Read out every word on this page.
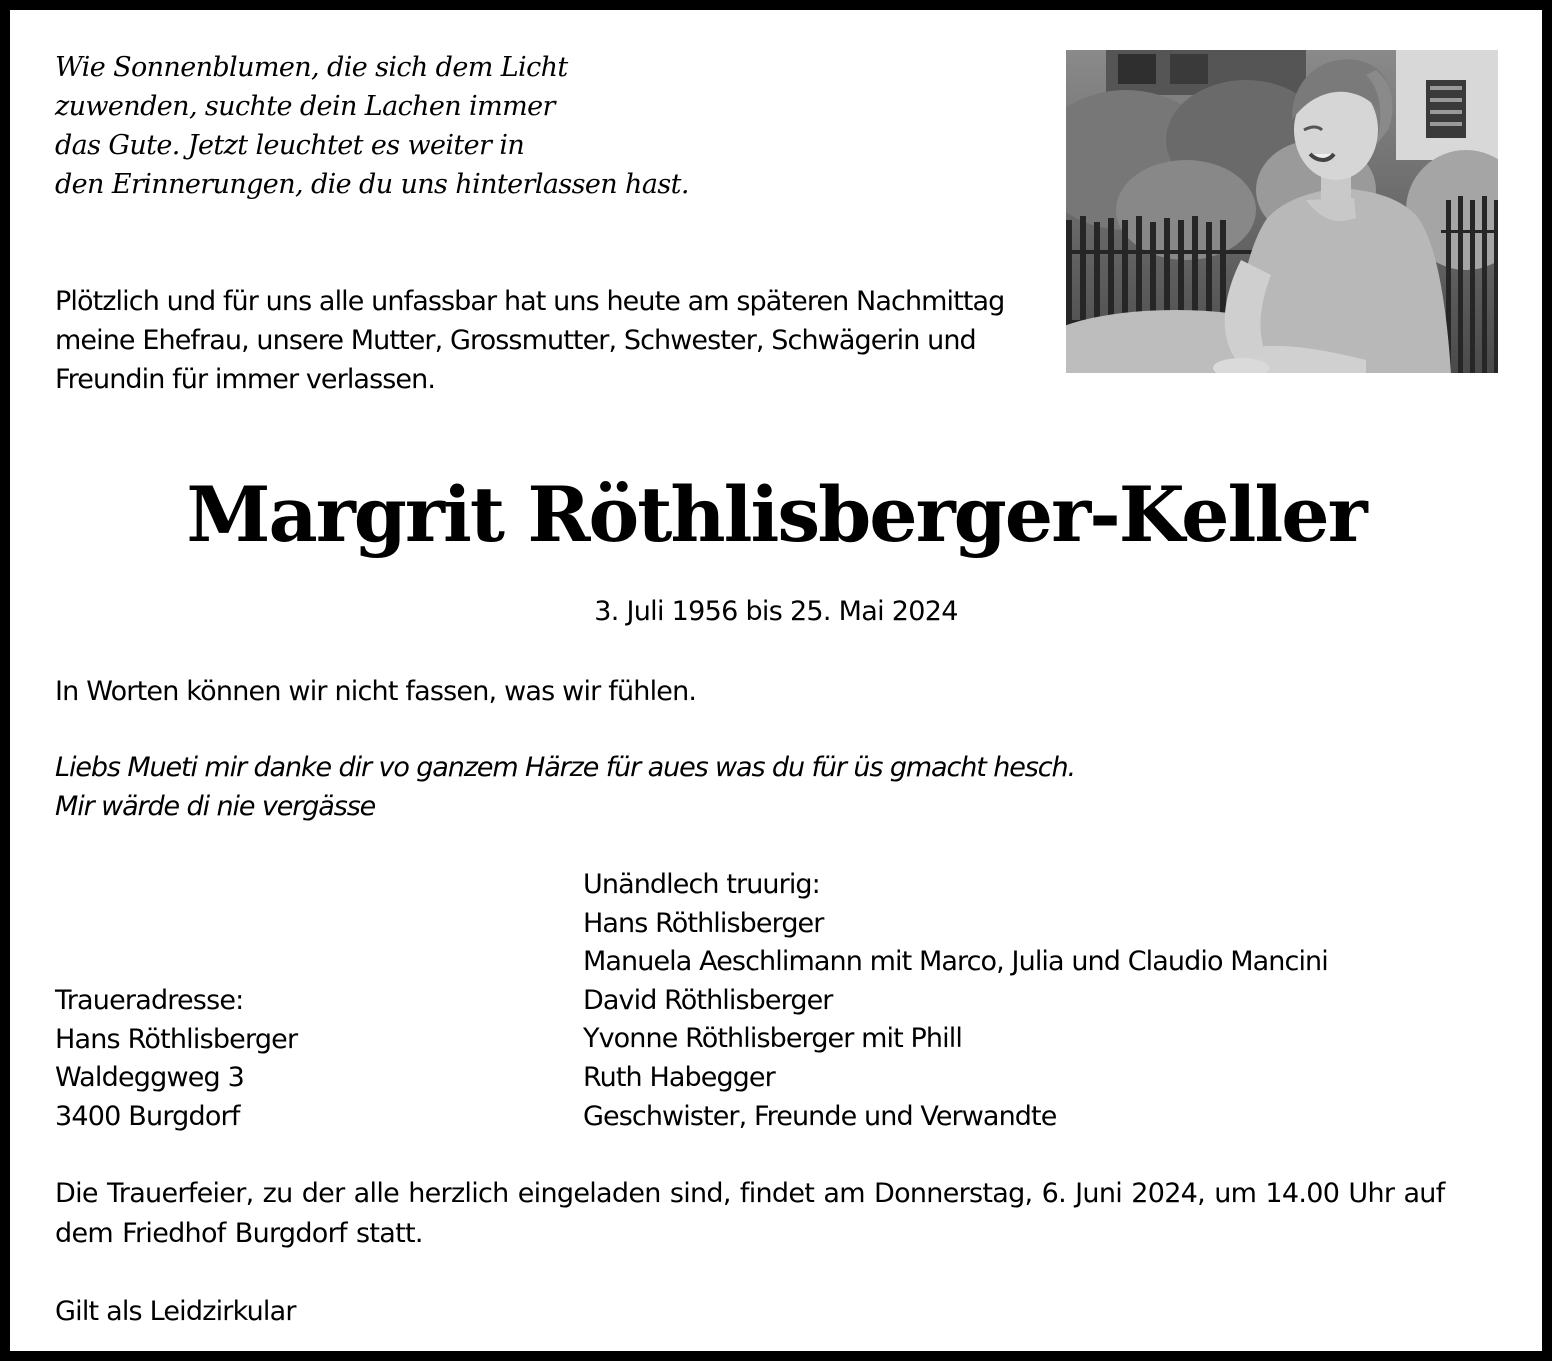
Wie Sonnenblumen, die sich dem Licht
zuwenden, suchte dein Lachen immer
das Gute. Jetzt leuchtet es weiter in
den Erinnerungen, die du uns hinterlassen hast.

Plötzlich und für uns alle unfassbar hat uns heute am späteren Nachmittag
meine Ehefrau, unsere Mutter, Grossmutter, Schwester, Schwägerin und
Freundin für immer verlassen.

Margrit Röthlisberger-Keller

3. Juli 1956 bis 25. Mai 2024

In Worten können wir nicht fassen, was wir fühlen.

Liebs Mueti mir danke dir vo ganzem Härze für aues was du für üs gmacht hesch.
Mir wärde di nie vergässe

Unändlech truurig:
Hans Röthlisberger
Manuela Aeschlimann mit Marco, Julia und Claudio Mancini
David Röthlisberger
Yvonne Röthlisberger mit Phill
Ruth Habegger
Geschwister, Freunde und Verwandte

Traueradresse:
Hans Röthlisberger
Waldeggweg 3
3400 Burgdorf

Die Trauerfeier, zu der alle herzlich eingeladen sind, findet am Donnerstag, 6. Juni 2024, um 14.00 Uhr auf dem Friedhof Burgdorf statt.

Gilt als Leidzirkular
